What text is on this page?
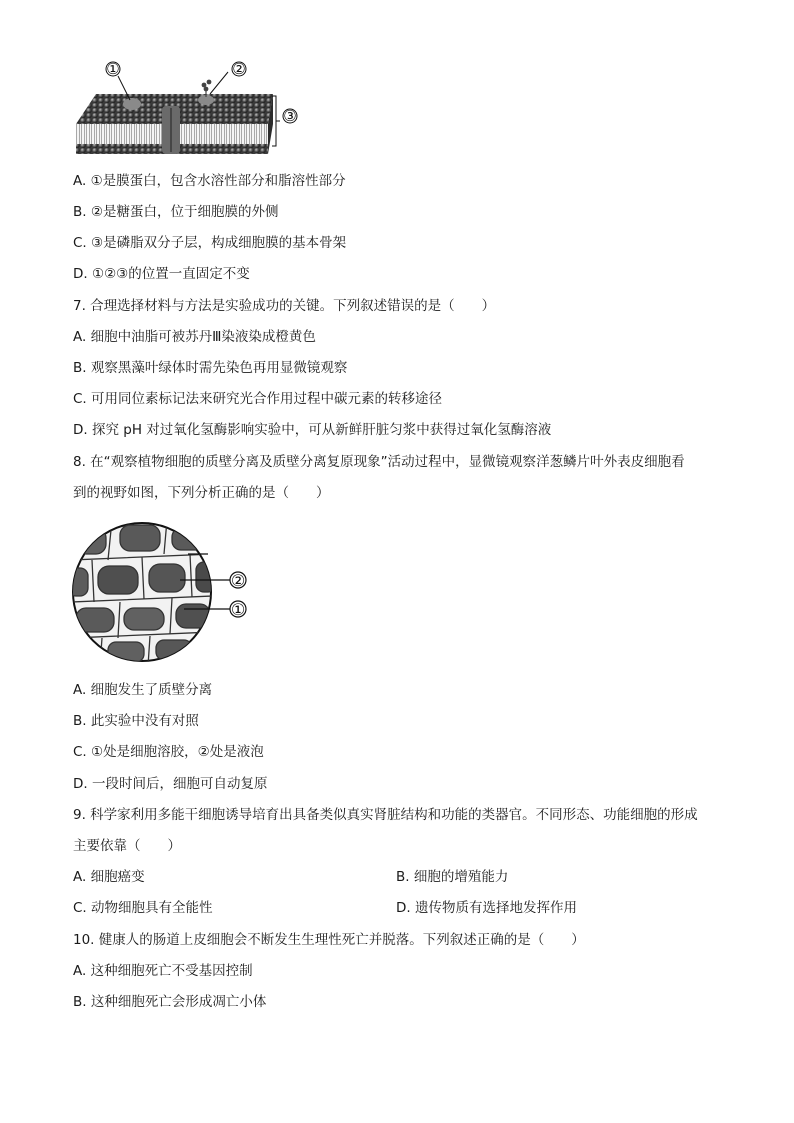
①	②
③
A. ①是膜蛋白，包含水溶性部分和脂溶性部分
B. ②是糖蛋白，位于细胞膜的外侧
C. ③是磷脂双分子层，构成细胞膜的基本骨架
D. ①②③的位置一直固定不变
7. 合理选择材料与方法是实验成功的关键。下列叙述错误的是（　　）
A. 细胞中油脂可被苏丹Ⅲ染液染成橙黄色
B. 观察黑藻叶绿体时需先染色再用显微镜观察
C. 可用同位素标记法来研究光合作用过程中碳元素的转移途径
D. 探究 pH 对过氧化氢酶影响实验中，可从新鲜肝脏匀浆中获得过氧化氢酶溶液
8. 在“观察植物细胞的质壁分离及质壁分离复原现象”活动过程中，显微镜观察洋葱鳞片叶外表皮细胞看
到的视野如图，下列分析正确的是（　　）
②
①
A. 细胞发生了质壁分离
B. 此实验中没有对照
C. ①处是细胞溶胶，②处是液泡
D. 一段时间后，细胞可自动复原
9. 科学家利用多能干细胞诱导培育出具备类似真实肾脏结构和功能的类器官。不同形态、功能细胞的形成
主要依靠（　　）
A. 细胞癌变	B. 细胞的增殖能力
C. 动物细胞具有全能性	D. 遗传物质有选择地发挥作用
10. 健康人的肠道上皮细胞会不断发生生理性死亡并脱落。下列叙述正确的是（　　）
A. 这种细胞死亡不受基因控制
B. 这种细胞死亡会形成凋亡小体
